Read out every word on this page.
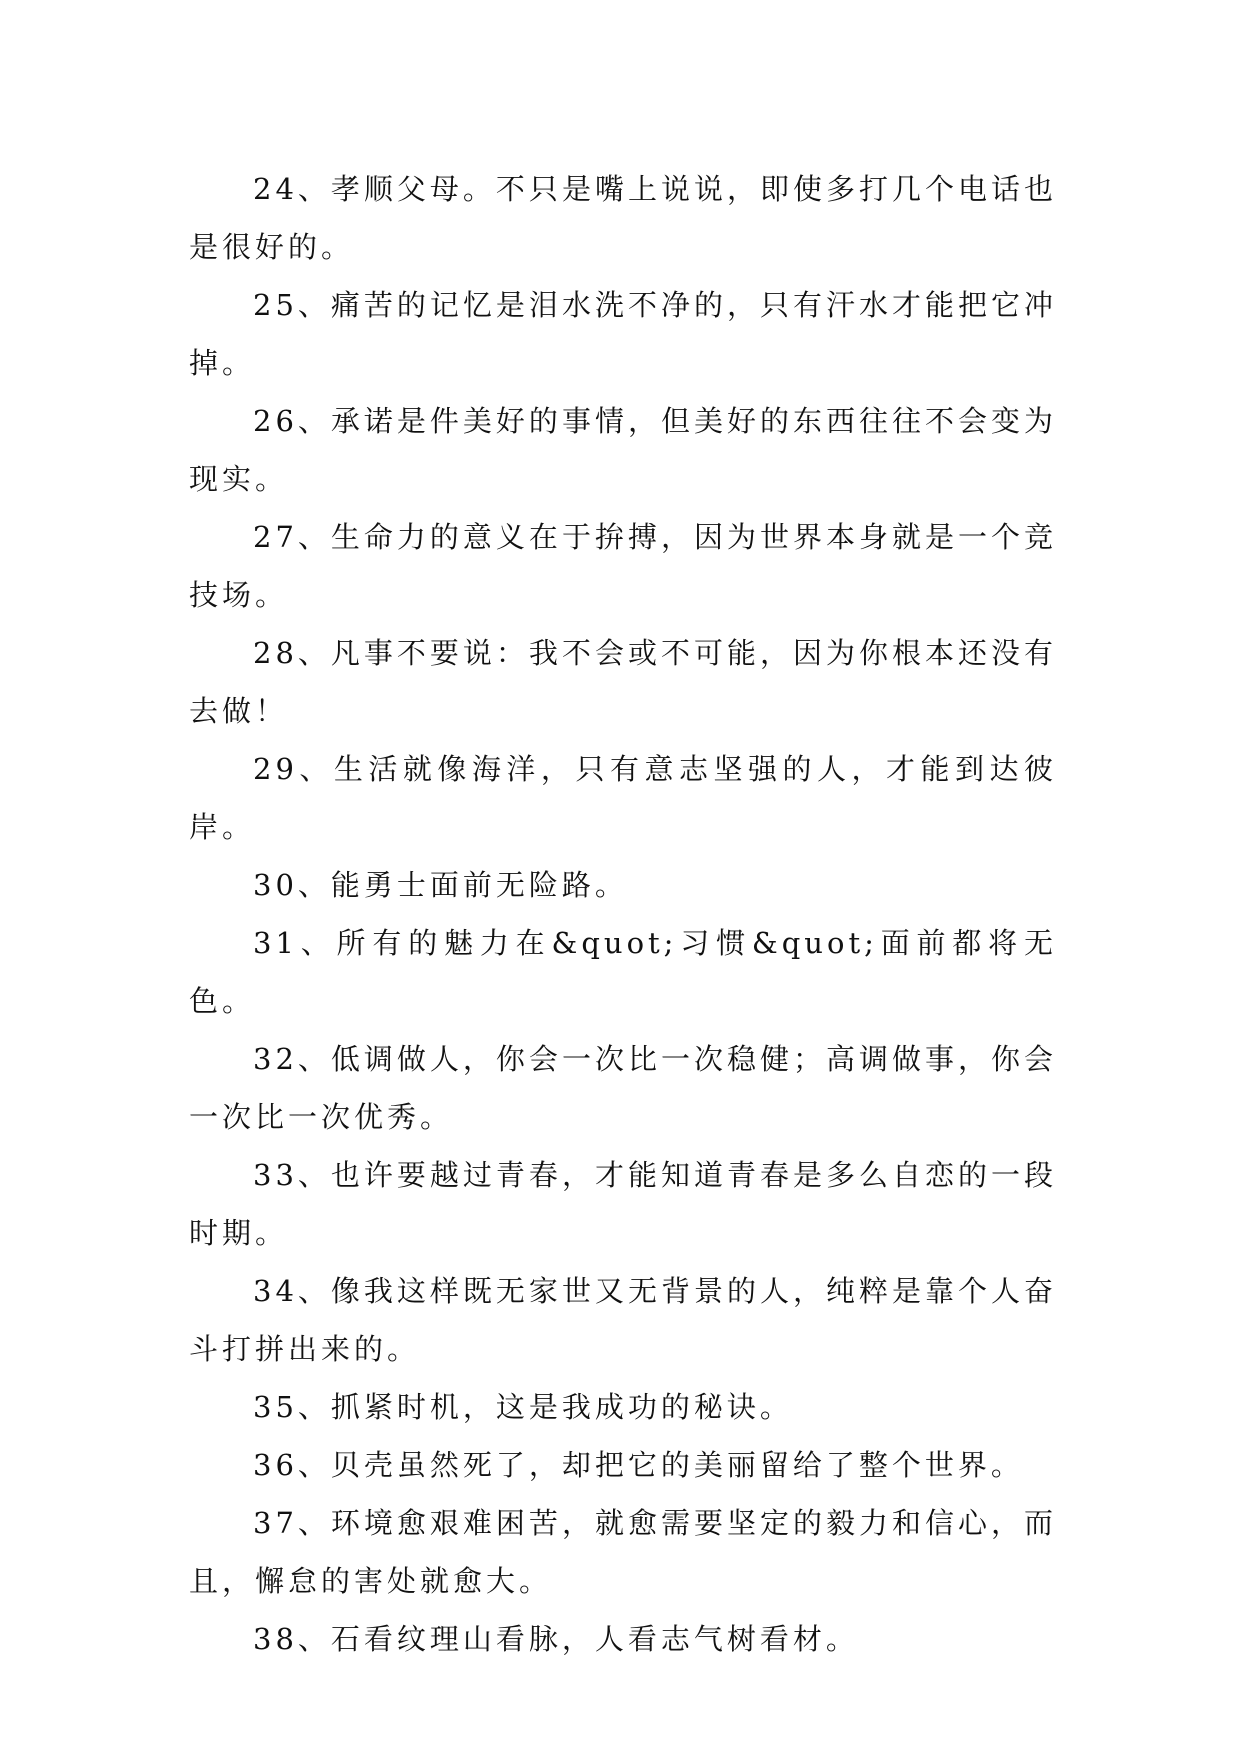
24、孝顺父母。不只是嘴上说说，即使多打几个电话也是很好的。

25、痛苦的记忆是泪水洗不净的，只有汗水才能把它冲掉。

26、承诺是件美好的事情，但美好的东西往往不会变为现实。

27、生命力的意义在于拚搏，因为世界本身就是一个竞技场。

28、凡事不要说：我不会或不可能，因为你根本还没有去做！

29、生活就像海洋，只有意志坚强的人，才能到达彼岸。

30、能勇士面前无险路。

31、所有的魅力在&quot;习惯&quot;面前都将无色。

32、低调做人，你会一次比一次稳健；高调做事，你会一次比一次优秀。

33、也许要越过青春，才能知道青春是多么自恋的一段时期。

34、像我这样既无家世又无背景的人，纯粹是靠个人奋斗打拼出来的。

35、抓紧时机，这是我成功的秘诀。

36、贝壳虽然死了，却把它的美丽留给了整个世界。

37、环境愈艰难困苦，就愈需要坚定的毅力和信心，而且，懈怠的害处就愈大。

38、石看纹理山看脉，人看志气树看材。
